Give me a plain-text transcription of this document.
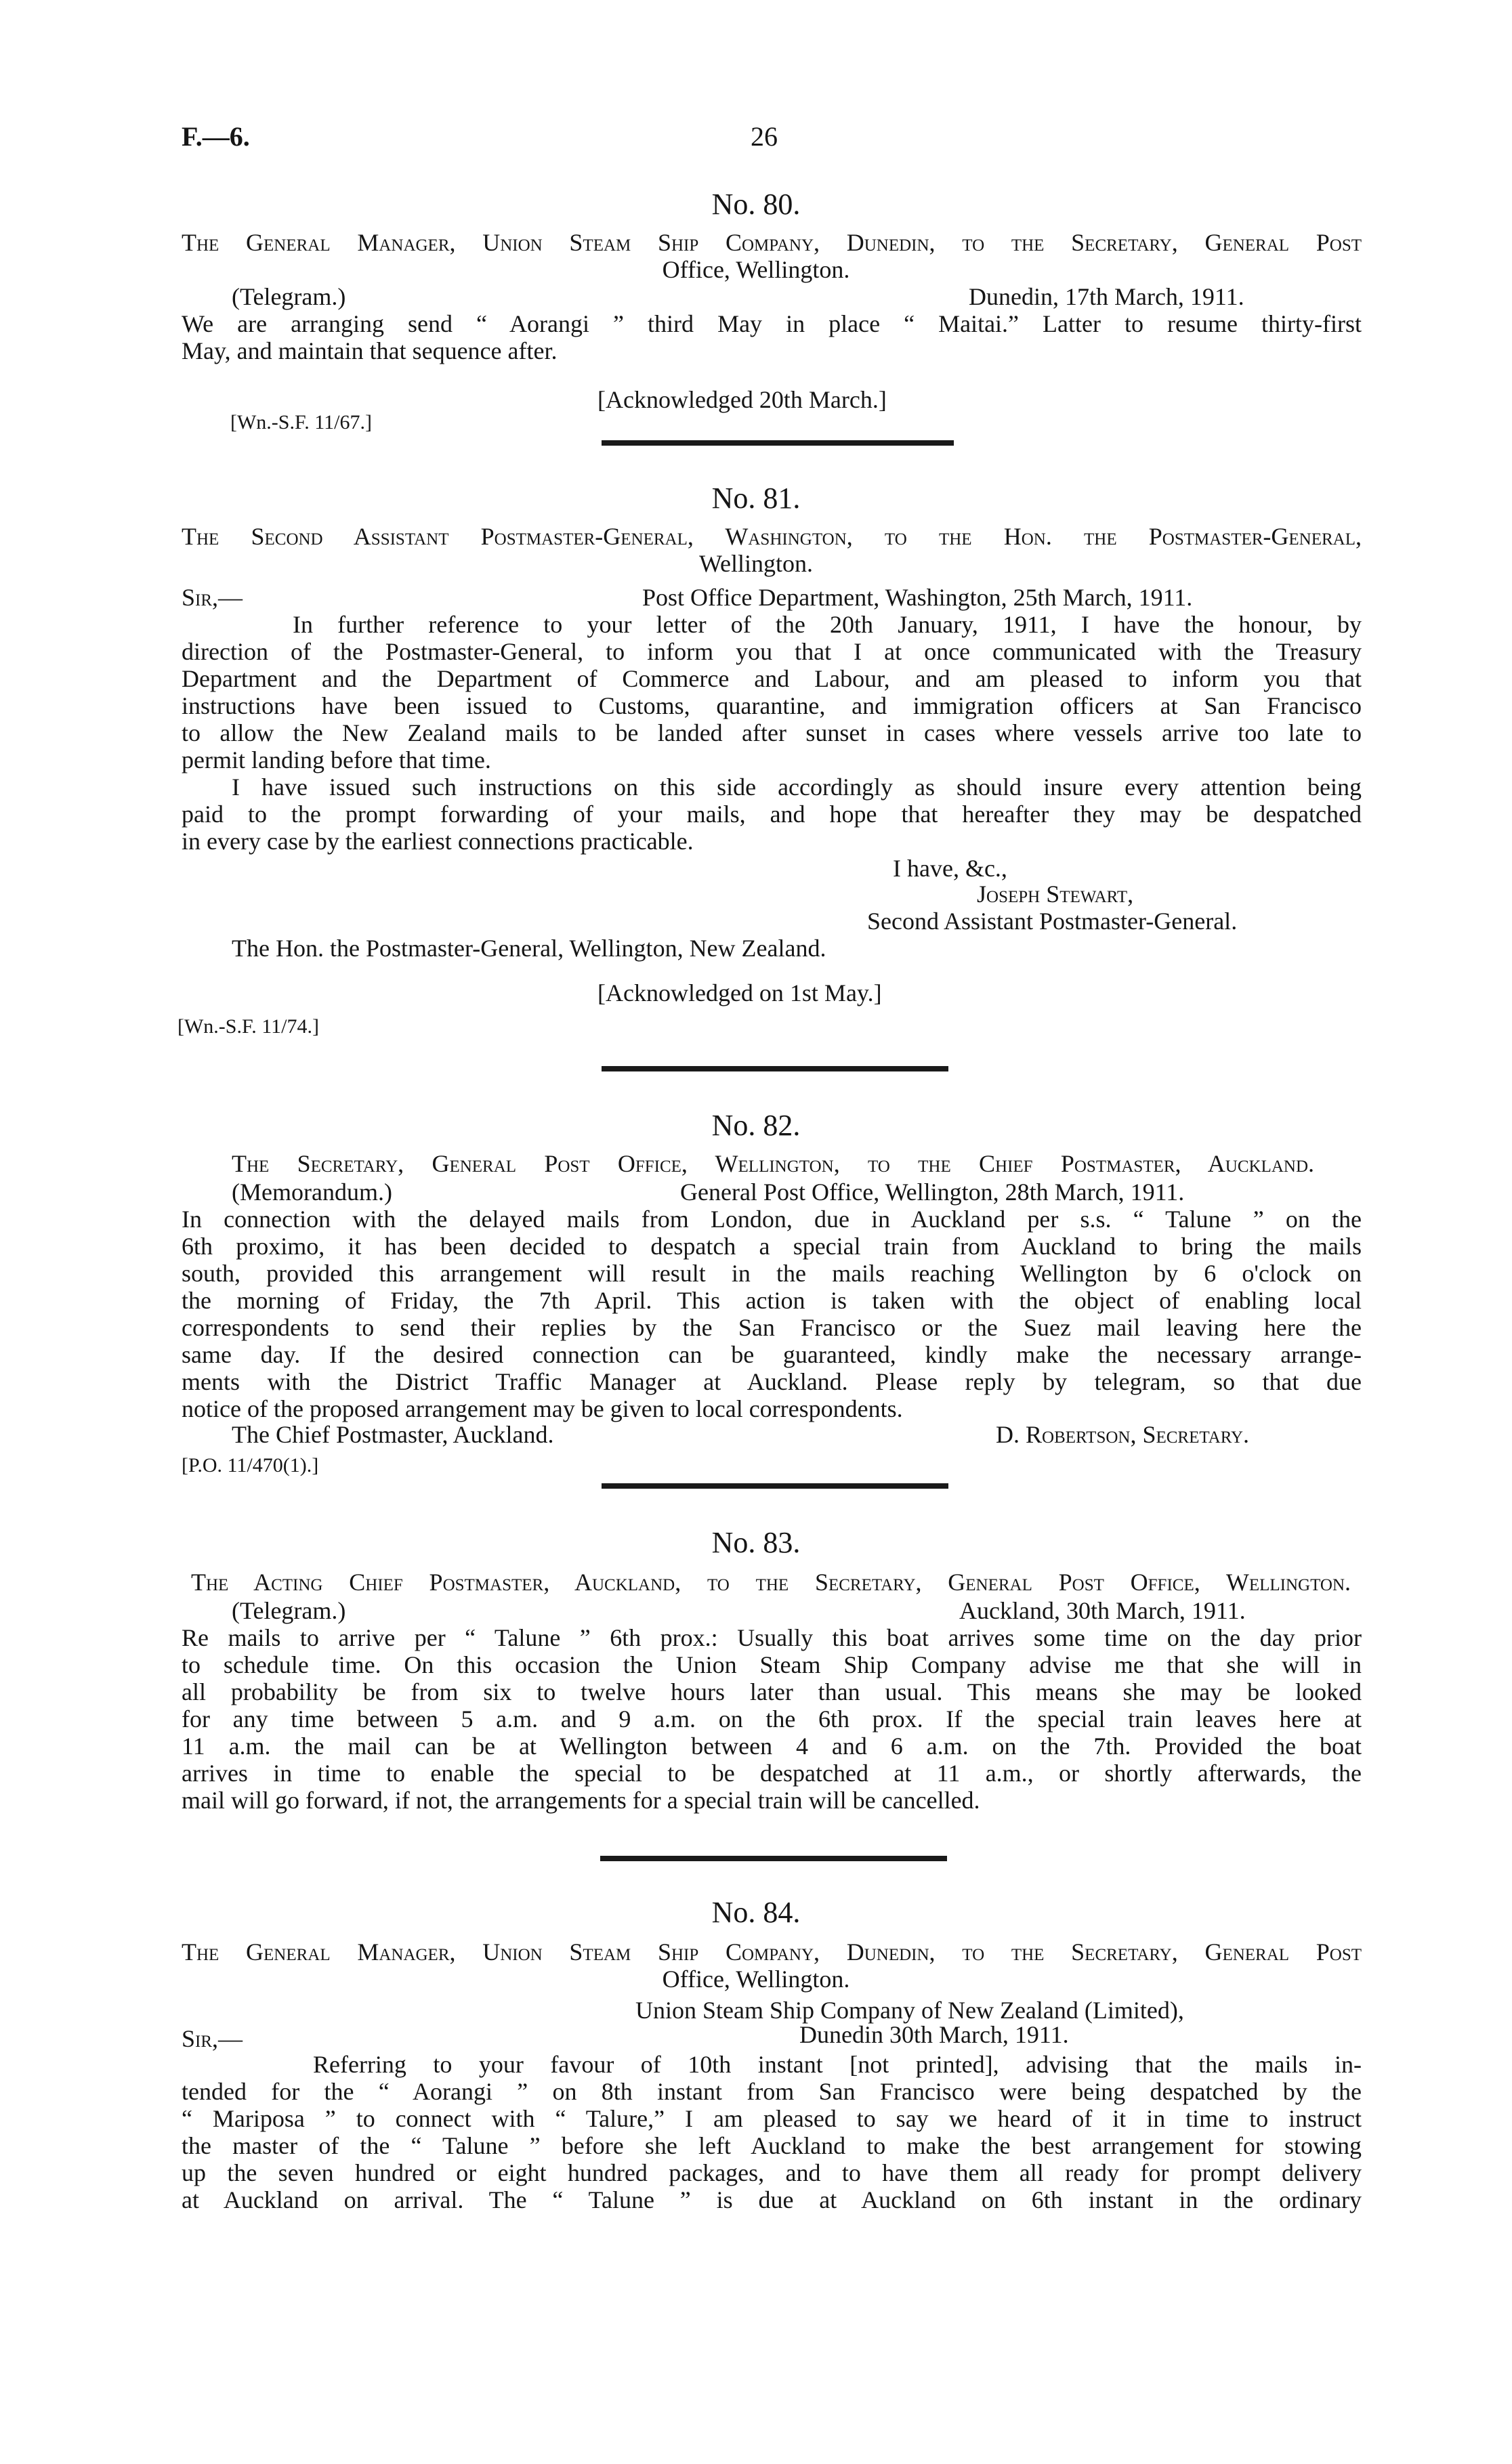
F.—6.	26
No. 80.
The General Manager, Union Steam Ship Company, Dunedin, to the Secretary, General Post
Office, Wellington.
(Telegram.)	Dunedin, 17th March, 1911.
We are arranging send “ Aorangi ” third May in place “ Maitai.” Latter to resume thirty-first
May, and maintain that sequence after.
[Acknowledged 20th March.]
[Wn.-S.F. 11/67.]
No. 81.
The Second Assistant Postmaster-General, Washington, to the Hon. the Postmaster-General,
Wellington.
Sir,—	Post Office Department, Washington, 25th March, 1911.
In further reference to your letter of the 20th January, 1911, I have the honour, by
direction of the Postmaster-General, to inform you that I at once communicated with the Treasury
Department and the Department of Commerce and Labour, and am pleased to inform you that
instructions have been issued to Customs, quarantine, and immigration officers at San Francisco
to allow the New Zealand mails to be landed after sunset in cases where vessels arrive too late to
permit landing before that time.
I have issued such instructions on this side accordingly as should insure every attention being
paid to the prompt forwarding of your mails, and hope that hereafter they may be despatched
in every case by the earliest connections practicable.
I have, &c.,
Joseph Stewart,
Second Assistant Postmaster-General.
The Hon. the Postmaster-General, Wellington, New Zealand.
[Acknowledged on 1st May.]
[Wn.-S.F. 11/74.]
No. 82.
The Secretary, General Post Office, Wellington, to the Chief Postmaster, Auckland.
(Memorandum.)	General Post Office, Wellington, 28th March, 1911.
In connection with the delayed mails from London, due in Auckland per s.s. “ Talune ” on the
6th proximo, it has been decided to despatch a special train from Auckland to bring the mails
south, provided this arrangement will result in the mails reaching Wellington by 6 o'clock on
the morning of Friday, the 7th April. This action is taken with the object of enabling local
correspondents to send their replies by the San Francisco or the Suez mail leaving here the
same day. If the desired connection can be guaranteed, kindly make the necessary arrange-
ments with the District Traffic Manager at Auckland. Please reply by telegram, so that due
notice of the proposed arrangement may be given to local correspondents.
The Chief Postmaster, Auckland.	D. Robertson, Secretary.
[P.O. 11/470(1).]
No. 83.
The Acting Chief Postmaster, Auckland, to the Secretary, General Post Office, Wellington.
(Telegram.)	Auckland, 30th March, 1911.
Re mails to arrive per “ Talune ” 6th prox.: Usually this boat arrives some time on the day prior
to schedule time. On this occasion the Union Steam Ship Company advise me that she will in
all probability be from six to twelve hours later than usual. This means she may be looked
for any time between 5 a.m. and 9 a.m. on the 6th prox. If the special train leaves here at
11 a.m. the mail can be at Wellington between 4 and 6 a.m. on the 7th. Provided the boat
arrives in time to enable the special to be despatched at 11 a.m., or shortly afterwards, the
mail will go forward, if not, the arrangements for a special train will be cancelled.
No. 84.
The General Manager, Union Steam Ship Company, Dunedin, to the Secretary, General Post
Office, Wellington.
Union Steam Ship Company of New Zealand (Limited),
Sir,—	Dunedin 30th March, 1911.
Referring to your favour of 10th instant [not printed], advising that the mails in-
tended for the “ Aorangi ” on 8th instant from San Francisco were being despatched by the
“ Mariposa ” to connect with “ Talure,” I am pleased to say we heard of it in time to instruct
the master of the “ Talune ” before she left Auckland to make the best arrangement for stowing
up the seven hundred or eight hundred packages, and to have them all ready for prompt delivery
at Auckland on arrival. The “ Talune ” is due at Auckland on 6th instant in the ordinary
